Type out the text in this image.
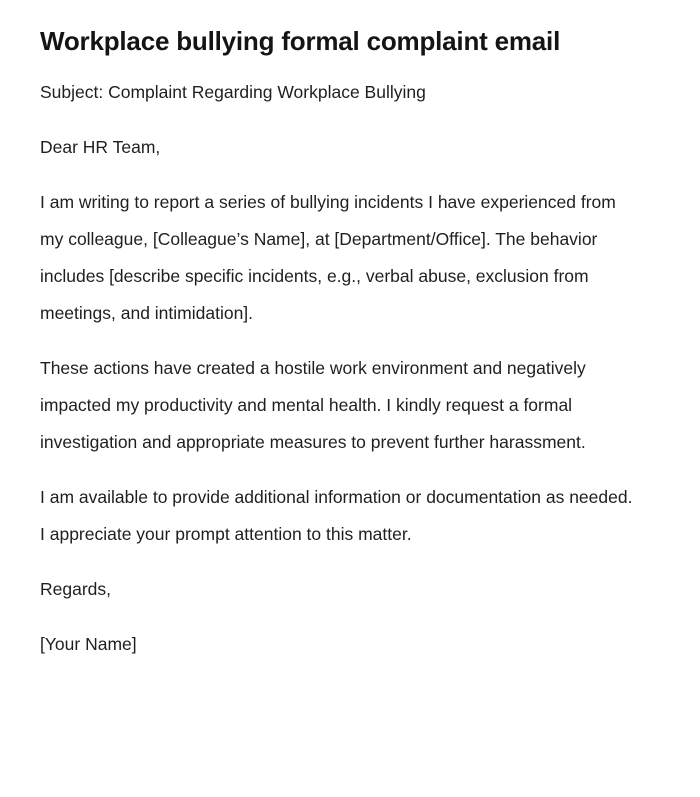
Workplace bullying formal complaint email

Subject: Complaint Regarding Workplace Bullying

Dear HR Team,

I am writing to report a series of bullying incidents I have experienced from my colleague, [Colleague’s Name], at [Department/Office]. The behavior includes [describe specific incidents, e.g., verbal abuse, exclusion from meetings, and intimidation].

These actions have created a hostile work environment and negatively impacted my productivity and mental health. I kindly request a formal investigation and appropriate measures to prevent further harassment.

I am available to provide additional information or documentation as needed. I appreciate your prompt attention to this matter.

Regards,

[Your Name]
